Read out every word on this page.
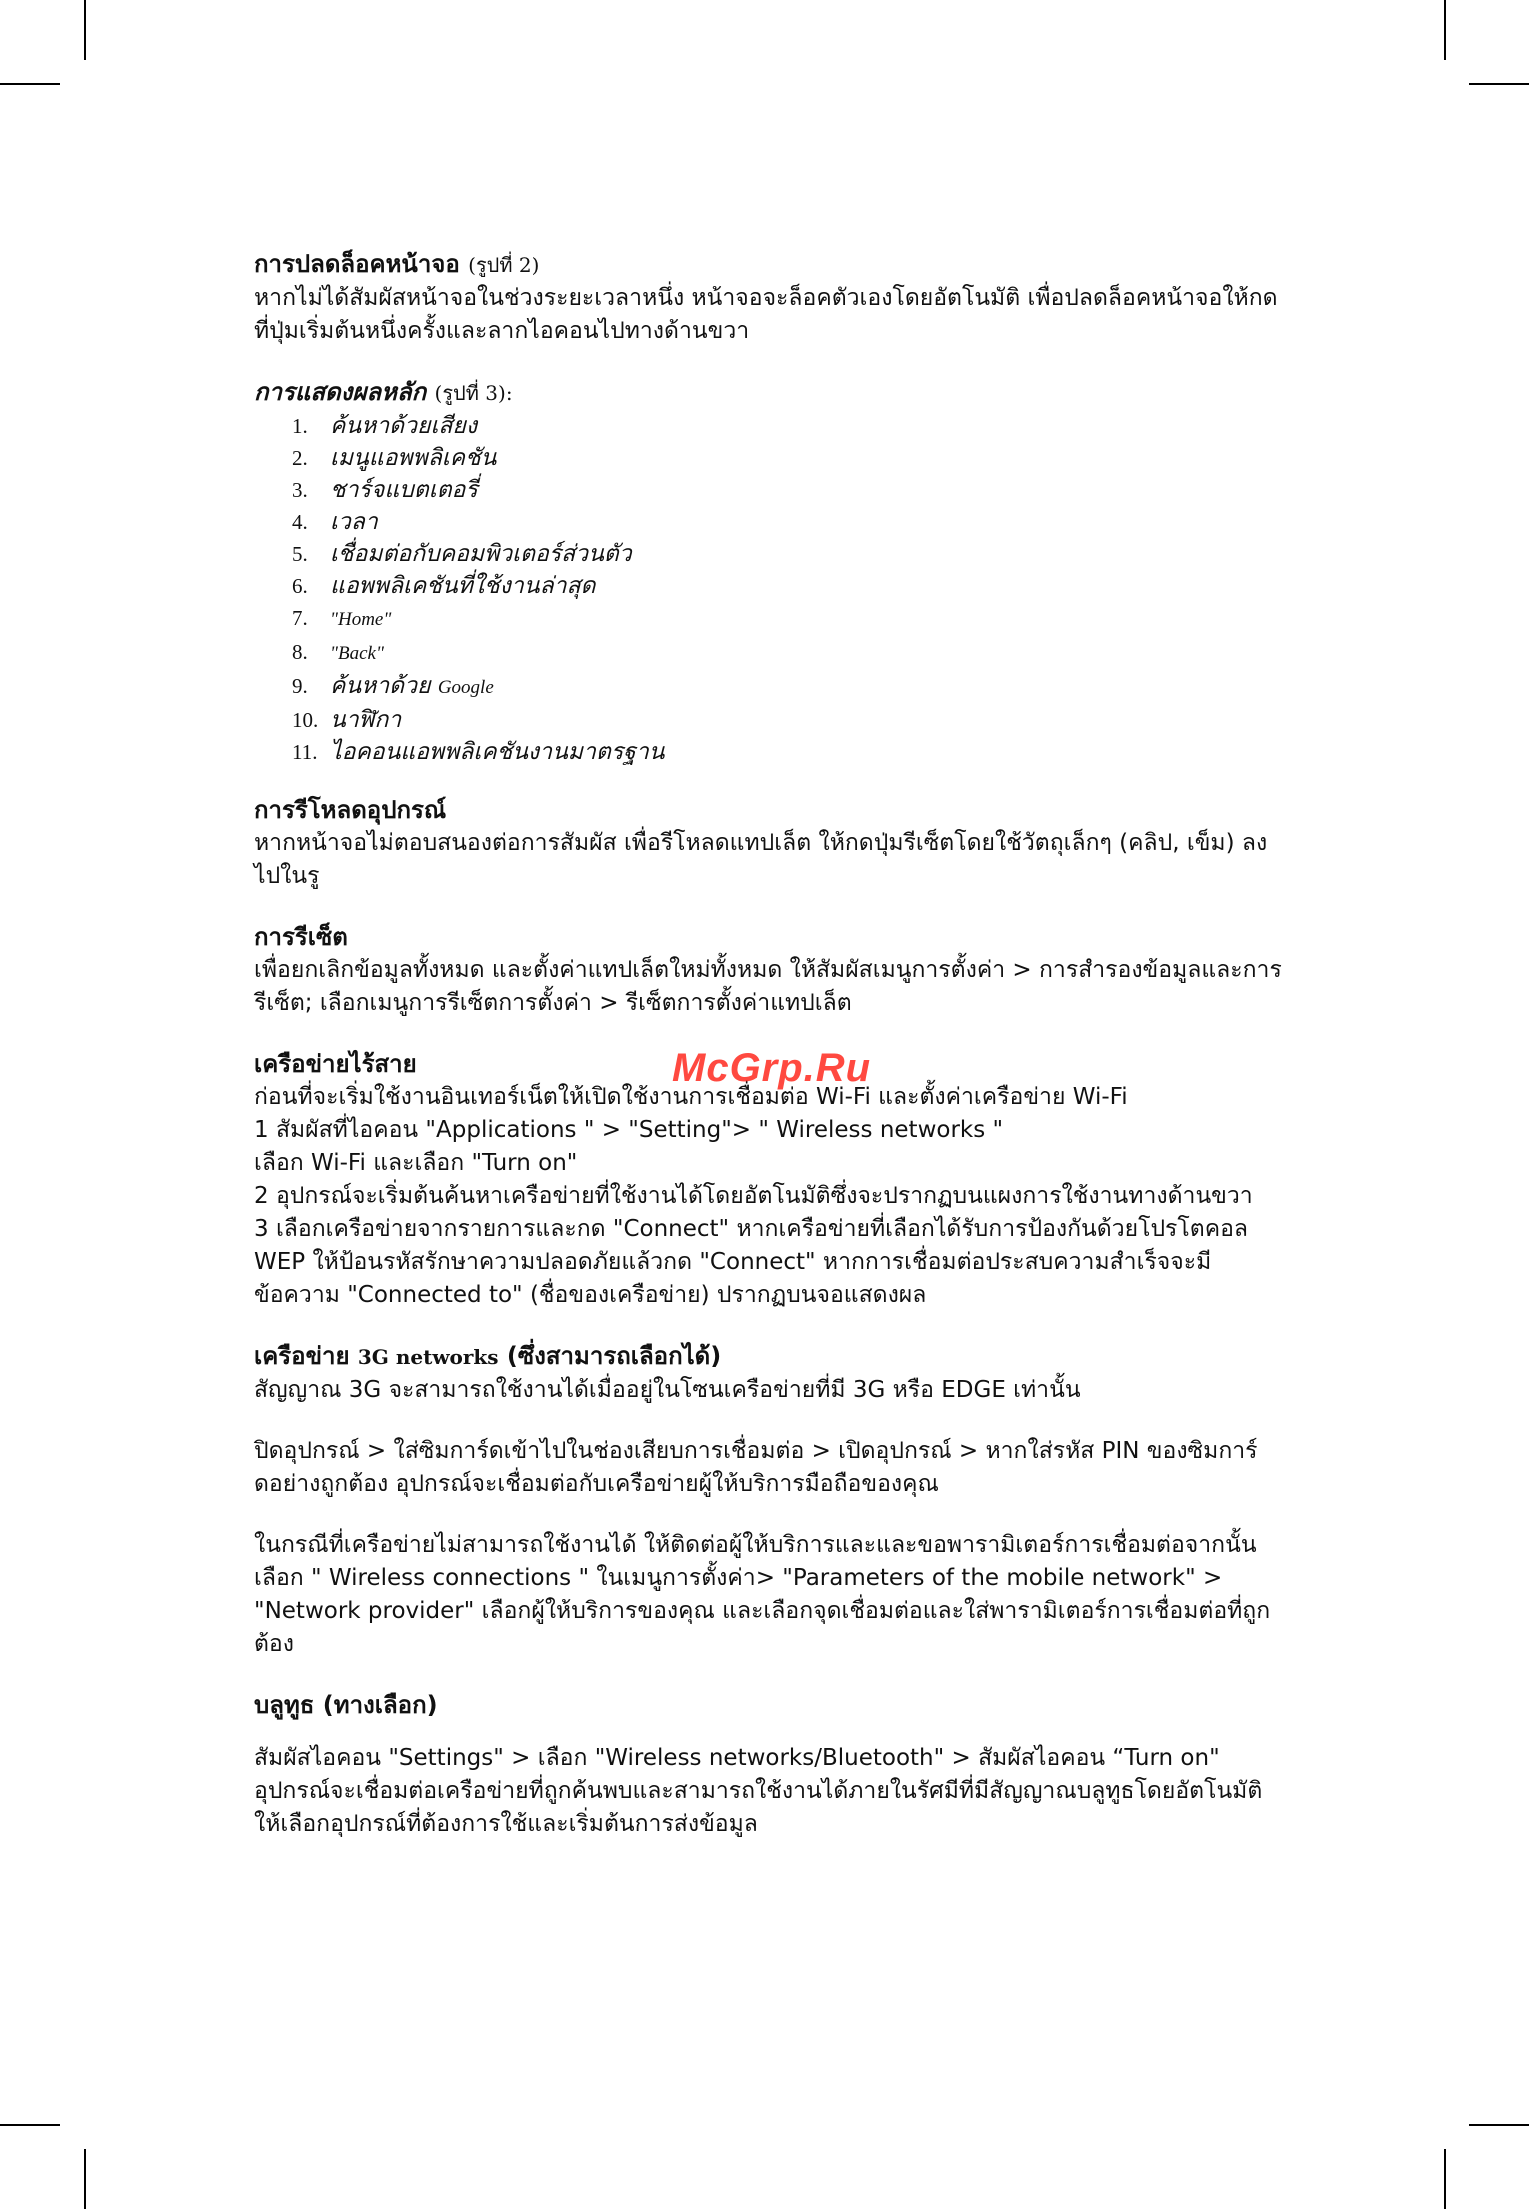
การปลดล็อคหน้าจอ (รูปที่ 2)

หากไม่ได้สัมผัสหน้าจอในช่วงระยะเวลาหนึ่ง หน้าจอจะล็อคตัวเองโดยอัตโนมัติ เพื่อปลดล็อคหน้าจอให้กดที่ปุ่มเริ่มต้นหนึ่งครั้งและลากไอคอนไปทางด้านขวา

การแสดงผลหลัก (รูปที่ 3):
1. ค้นหาด้วยเสียง
2. เมนูแอพพลิเคชัน
3. ชาร์จแบตเตอรี่
4. เวลา
5. เชื่อมต่อกับคอมพิวเตอร์ส่วนตัว
6. แอพพลิเคชันที่ใช้งานล่าสุด
7.	"Home"
8.	"Back"
9. ค้นหาด้วย Google
10. นาฬิกา
11. ไอคอนแอพพลิเคชันงานมาตรฐาน
การรีโหลดอุปกรณ์

หากหน้าจอไม่ตอบสนองต่อการสัมผัส เพื่อรีโหลดแทปเล็ต ให้กดปุ่มรีเซ็ตโดยใช้วัตถุเล็กๆ (คลิป, เข็ม) ลงไปในรู

การรีเซ็ต

เพื่อยกเลิกข้อมูลทั้งหมด และตั้งค่าแทปเล็ตใหม่ทั้งหมด ให้สัมผัสเมนูการตั้งค่า > การสำรองข้อมูลและการรีเซ็ต; เลือกเมนูการรีเซ็ตการตั้งค่า > รีเซ็ตการตั้งค่าแทปเล็ต

เครือข่ายไร้สาย

ก่อนที่จะเริ่มใช้งานอินเทอร์เน็ตให้เปิดใช้งานการเชื่อมต่อ Wi-Fi และตั้งค่าเครือข่าย Wi-Fi

1 สัมผัสที่ไอคอน "Applications " > "Setting"> " Wireless networks "

เลือก Wi-Fi และเลือก "Turn on"

2 อุปกรณ์จะเริ่มต้นค้นหาเครือข่ายที่ใช้งานได้โดยอัตโนมัติซึ่งจะปรากฏบนแผงการใช้งานทางด้านขวา

3 เลือกเครือข่ายจากรายการและกด "Connect" หากเครือข่ายที่เลือกได้รับการป้องกันด้วยโปรโตคอล WEP ให้ป้อนรหัสรักษาความปลอดภัยแล้วกด "Connect" หากการเชื่อมต่อประสบความสำเร็จจะมีข้อความ "Connected to" (ชื่อของเครือข่าย) ปรากฏบนจอแสดงผล

เครือข่าย 3G networks (ซึ่งสามารถเลือกได้)

สัญญาณ 3G จะสามารถใช้งานได้เมื่ออยู่ในโซนเครือข่ายที่มี 3G หรือ EDGE เท่านั้น

ปิดอุปกรณ์ > ใส่ซิมการ์ดเข้าไปในช่องเสียบการเชื่อมต่อ > เปิดอุปกรณ์ > หากใส่รหัส PIN ของซิมการ์ดอย่างถูกต้อง อุปกรณ์จะเชื่อมต่อกับเครือข่ายผู้ให้บริการมือถือของคุณ

ในกรณีที่เครือข่ายไม่สามารถใช้งานได้ ให้ติดต่อผู้ให้บริการและและขอพารามิเตอร์การเชื่อมต่อจากนั้นเลือก " Wireless connections " ในเมนูการตั้งค่า> "Parameters of the mobile network" > "Network provider" เลือกผู้ให้บริการของคุณ และเลือกจุดเชื่อมต่อและใส่พารามิเตอร์การเชื่อมต่อที่ถูกต้อง

บลูทูธ (ทางเลือก)

สัมผัสไอคอน "Settings" > เลือก "Wireless networks/Bluetooth" > สัมผัสไอคอน “Turn on" อุปกรณ์จะเชื่อมต่อเครือข่ายที่ถูกค้นพบและสามารถใช้งานได้ภายในรัศมีที่มีสัญญาณบลูทูธโดยอัตโนมัติ ให้เลือกอุปกรณ์ที่ต้องการใช้และเริ่มต้นการส่งข้อมูล

McGrp.Ru
